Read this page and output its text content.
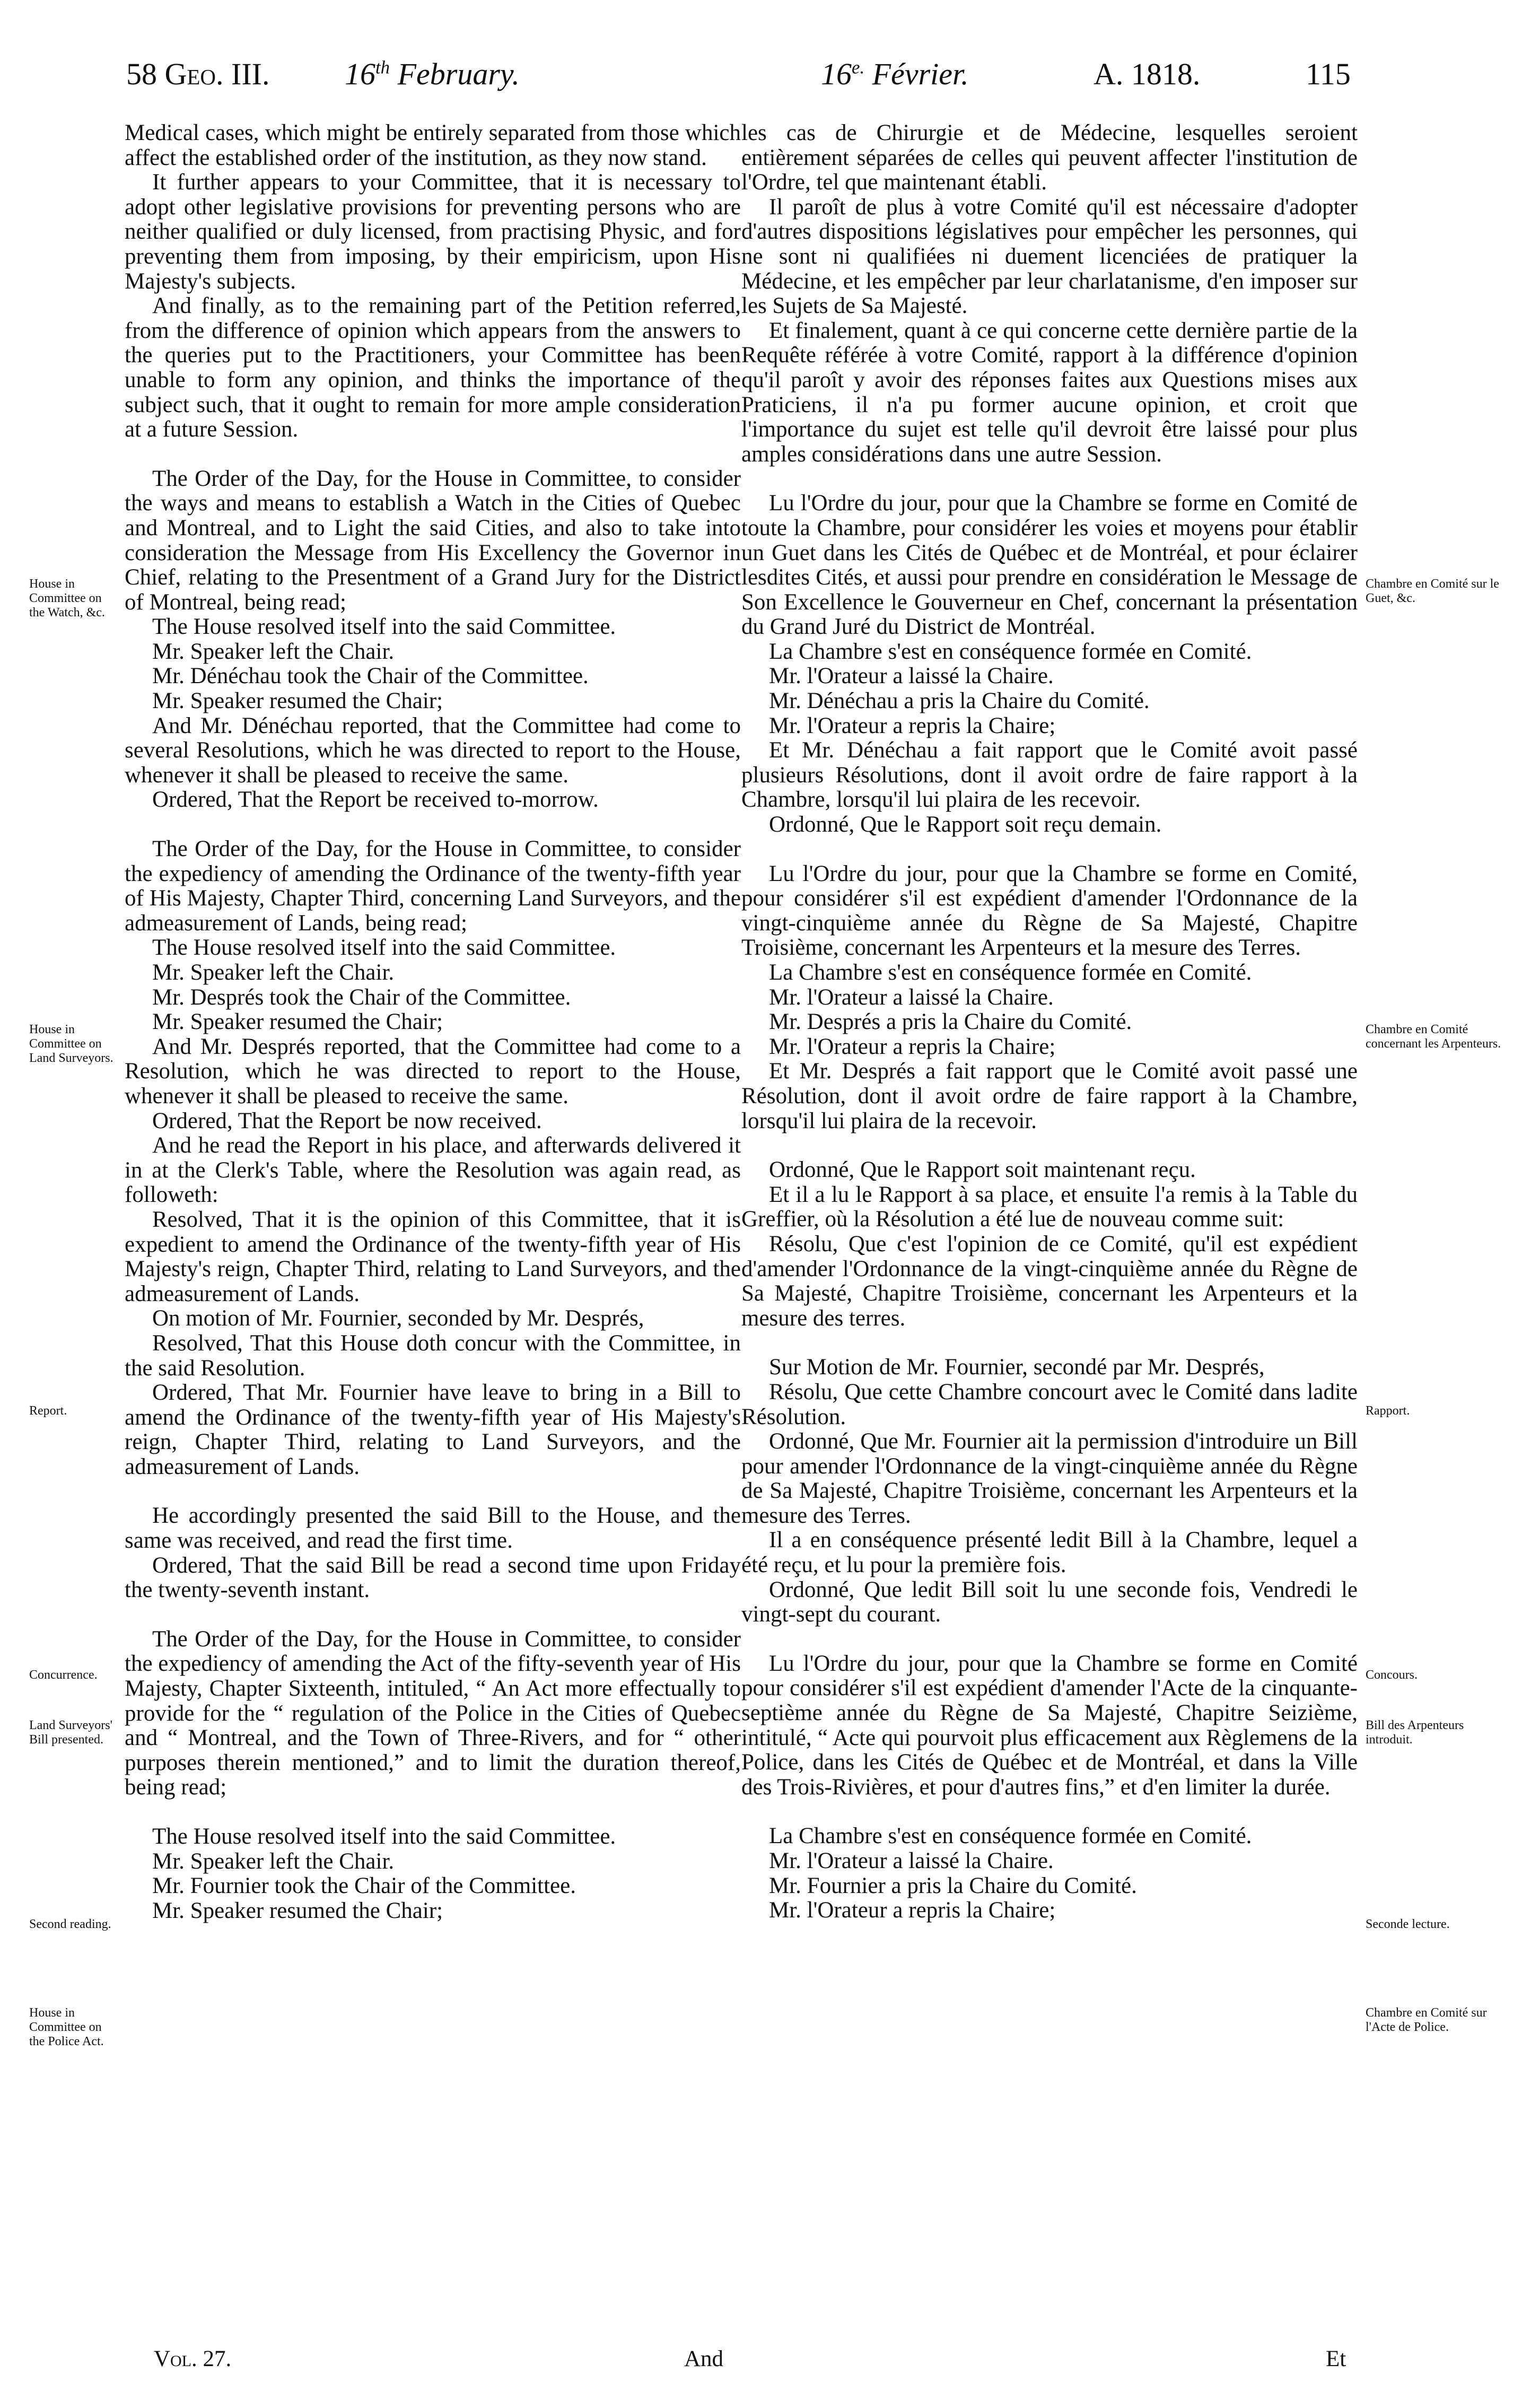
58 Geo. III. 16th February.	$16^{e.}$ Février.	A. 1818.	115

Medical cases, which might be entirely separated from those which affect the established order of the institution, as they now stand.

It further appears to your Committee, that it is necessary to adopt other legislative provisions for preventing persons who are neither qualified or duly licensed, from practising Physic, and for preventing them from imposing, by their empiricism, upon His Majesty's subjects.

And finally, as to the remaining part of the Petition referred, from the difference of opinion which appears from the answers to the queries put to the Practitioners, your Committee has been unable to form any opinion, and thinks the importance of the subject such, that it ought to remain for more ample consideration at a future Session.

The Order of the Day, for the House in Committee, to consider the ways and means to establish a Watch in the Cities of Quebec and Montreal, and to Light the said Cities, and also to take into consideration the Message from His Excellency the Governor in Chief, relating to the Presentment of a Grand Jury for the District of Montreal, being read;

The House resolved itself into the said Committee.

Mr. Speaker left the Chair.

Mr. Dénéchau took the Chair of the Committee.

Mr. Speaker resumed the Chair;

And Mr. Dénéchau reported, that the Committee had come to several Resolutions, which he was directed to report to the House, whenever it shall be pleased to receive the same.

Ordered, That the Report be received to-morrow.

The Order of the Day, for the House in Committee, to consider the expediency of amending the Ordinance of the twenty-fifth year of His Majesty, Chapter Third, concerning Land Surveyors, and the admeasurement of Lands, being read;

The House resolved itself into the said Committee.

Mr. Speaker left the Chair.

Mr. Després took the Chair of the Committee.

Mr. Speaker resumed the Chair;

And Mr. Després reported, that the Committee had come to a Resolution, which he was directed to report to the House, whenever it shall be pleased to receive the same.

Ordered, That the Report be now received.

And he read the Report in his place, and afterwards delivered it in at the Clerk's Table, where the Resolution was again read, as followeth:

Resolved, That it is the opinion of this Committee, that it is expedient to amend the Ordinance of the twenty-fifth year of His Majesty's reign, Chapter Third, relating to Land Surveyors, and the admeasurement of Lands.

On motion of Mr. Fournier, seconded by Mr. Després,

Resolved, That this House doth concur with the Committee, in the said Resolution.

Ordered, That Mr. Fournier have leave to bring in a Bill to amend the Ordinance of the twenty-fifth year of His Majesty's reign, Chapter Third, relating to Land Surveyors, and the admeasurement of Lands.

He accordingly presented the said Bill to the House, and the same was received, and read the first time.

Ordered, That the said Bill be read a second time upon Friday the twenty-seventh instant.

The Order of the Day, for the House in Committee, to consider the expediency of amending the Act of the fifty-seventh year of His Majesty, Chapter Sixteenth, intituled, “ An Act more effectually to provide for the “ regulation of the Police in the Cities of Quebec and “ Montreal, and the Town of Three-Rivers, and for “ other purposes therein mentioned,” and to limit the duration thereof, being read;

The House resolved itself into the said Committee.

Mr. Speaker left the Chair.

Mr. Fournier took the Chair of the Committee.

Mr. Speaker resumed the Chair;

les cas de Chirurgie et de Médecine, lesquelles seroient entièrement séparées de celles qui peuvent affecter l'institution de l'Ordre, tel que maintenant établi.

Il paroît de plus à votre Comité qu'il est nécessaire d'adopter d'autres dispositions législatives pour empêcher les personnes, qui ne sont ni qualifiées ni duement licenciées de pratiquer la Médecine, et les empêcher par leur charlatanisme, d'en imposer sur les Sujets de Sa Majesté.

Et finalement, quant à ce qui concerne cette dernière partie de la Requête référée à votre Comité, rapport à la différence d'opinion qu'il paroît y avoir des réponses faites aux Questions mises aux Praticiens, il n'a pu former aucune opinion, et croit que l'importance du sujet est telle qu'il devroit être laissé pour plus amples considérations dans une autre Session.

Lu l'Ordre du jour, pour que la Chambre se forme en Comité de toute la Chambre, pour considérer les voies et moyens pour établir un Guet dans les Cités de Québec et de Montréal, et pour éclairer lesdites Cités, et aussi pour prendre en considération le Message de Son Excellence le Gouverneur en Chef, concernant la présentation du Grand Juré du District de Montréal.

La Chambre s'est en conséquence formée en Comité.

Mr. l'Orateur a laissé la Chaire.

Mr. Dénéchau a pris la Chaire du Comité.

Mr. l'Orateur a repris la Chaire;

Et Mr. Dénéchau a fait rapport que le Comité avoit passé plusieurs Résolutions, dont il avoit ordre de faire rapport à la Chambre, lorsqu'il lui plaira de les recevoir.

Ordonné, Que le Rapport soit reçu demain.

Lu l'Ordre du jour, pour que la Chambre se forme en Comité, pour considérer s'il est expédient d'amender l'Ordonnance de la vingt-cinquième année du Règne de Sa Majesté, Chapitre Troisième, concernant les Arpenteurs et la mesure des Terres.

La Chambre s'est en conséquence formée en Comité.

Mr. l'Orateur a laissé la Chaire.

Mr. Després a pris la Chaire du Comité.

Mr. l'Orateur a repris la Chaire;

Et Mr. Després a fait rapport que le Comité avoit passé une Résolution, dont il avoit ordre de faire rapport à la Chambre, lorsqu'il lui plaira de la recevoir.

Ordonné, Que le Rapport soit maintenant reçu.

Et il a lu le Rapport à sa place, et ensuite l'a remis à la Table du Greffier, où la Résolution a été lue de nouveau comme suit:

Résolu, Que c'est l'opinion de ce Comité, qu'il est expédient d'amender l'Ordonnance de la vingt-cinquième année du Règne de Sa Majesté, Chapitre Troisième, concernant les Arpenteurs et la mesure des terres.

Sur Motion de Mr. Fournier, secondé par Mr. Després,

Résolu, Que cette Chambre concourt avec le Comité dans ladite Résolution.

Ordonné, Que Mr. Fournier ait la permission d'introduire un Bill pour amender l'Ordonnance de la vingt-cinquième année du Règne de Sa Majesté, Chapitre Troisième, concernant les Arpenteurs et la mesure des Terres.

Il a en conséquence présenté ledit Bill à la Chambre, lequel a été reçu, et lu pour la première fois.

Ordonné, Que ledit Bill soit lu une seconde fois, Vendredi le vingt-sept du courant.

Lu l'Ordre du jour, pour que la Chambre se forme en Comité pour considérer s'il est expédient d'amender l'Acte de la cinquante-septième année du Règne de Sa Majesté, Chapitre Seizième, intitulé, “ Acte qui pourvoit plus efficacement aux Règlemens de la Police, dans les Cités de Québec et de Montréal, et dans la Ville des Trois-Rivières, et pour d'autres fins,” et d'en limiter la durée.

La Chambre s'est en conséquence formée en Comité.

Mr. l'Orateur a laissé la Chaire.

Mr. Fournier a pris la Chaire du Comité.

Mr. l'Orateur a repris la Chaire;

House in Committee on the Watch, &c.
House in Committee on Land Surveyors.
Report.
Concurrence.
Land Surveyors' Bill presented.
Second reading.
House in Committee on the Police Act.
Chambre en Comité sur le Guet, &c.
Chambre en Comité concernant les Arpenteurs.
Rapport.
Concours.
Bill des Arpenteurs introduit.
Seconde lecture.
Chambre en Comité sur l'Acte de Police.
Vol. 27.	And	Et
